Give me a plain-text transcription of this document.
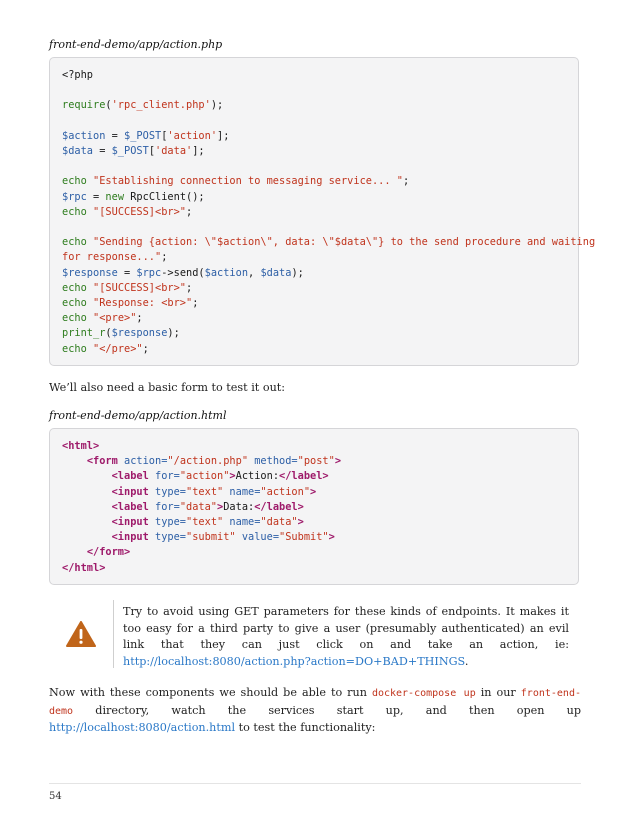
front-end-demo/app/action.php
<?php
require('rpc_client.php');
$action = $_POST['action'];
$data = $_POST['data'];
echo "Establishing connection to messaging service... ";
$rpc = new RpcClient();
echo "[SUCCESS]<br>";
echo "Sending {action: \"$action\", data: \"$data\"} to the send procedure and waiting
for response...";
$response = $rpc->send($action, $data);
echo "[SUCCESS]<br>";
echo "Response: <br>";
echo "<pre>";
print_r($response);
echo "</pre>";
We’ll also need a basic form to test it out:
front-end-demo/app/action.html
<html>
<form action="/action.php" method="post">
<label for="action">Action:</label>
<input type="text" name="action">
<label for="data">Data:</label>
<input type="text" name="data">
<input type="submit" value="Submit">
</form>
</html>
Try to avoid using GET parameters for these kinds of endpoints. It makes it too easy for a third party to give a user (presumably authenticated) an evil link that they can just click on and take an action, ie: http://localhost:8080/action.php?action=DO+BAD+THINGS.
Now with these components we should be able to run docker-compose up in our front-end-demo directory, watch the services start up, and then open up http://localhost:8080/action.html to test the functionality:
54
